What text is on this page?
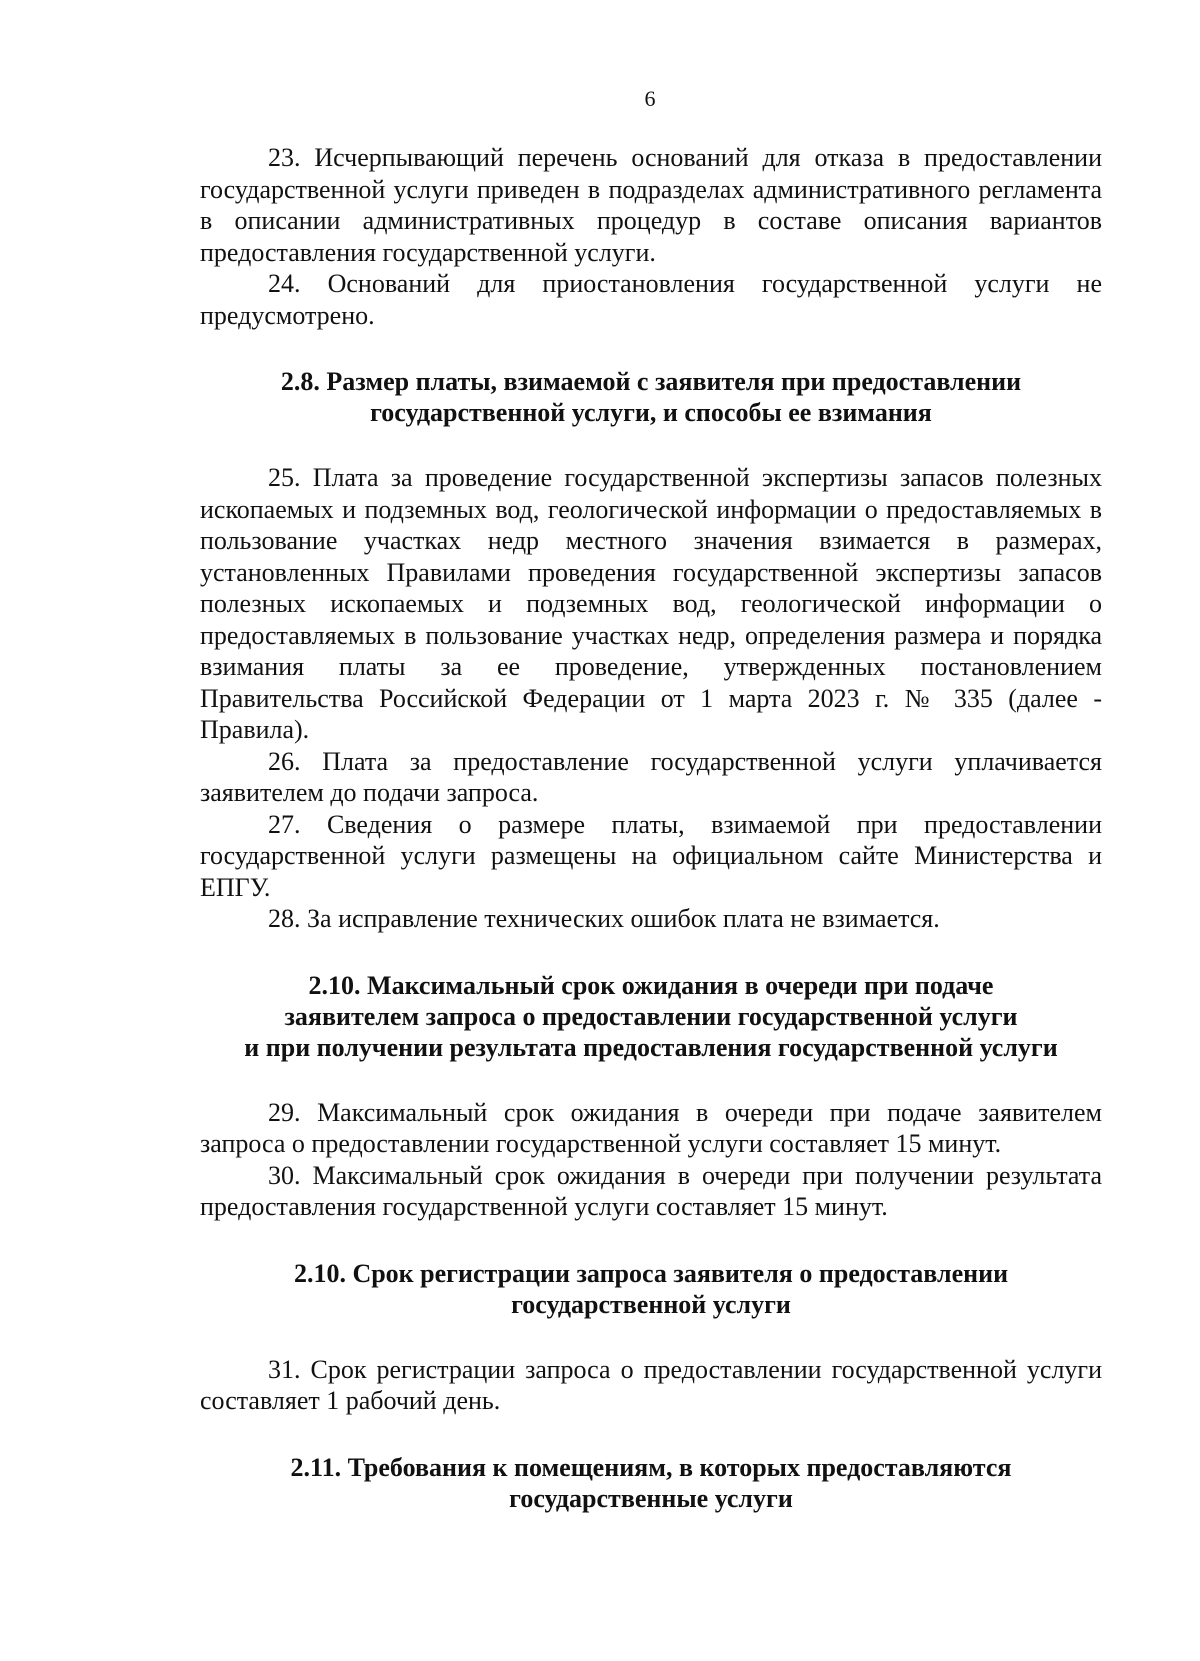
6

23. Исчерпывающий перечень оснований для отказа в предоставлении государственной услуги приведен в подразделах административного регламента в описании административных процедур в составе описания вариантов предоставления государственной услуги.

24. Оснований для приостановления государственной услуги не предусмотрено.

2.8. Размер платы, взимаемой с заявителя при предоставлении
государственной услуги, и способы ее взимания

25. Плата за проведение государственной экспертизы запасов полезных ископаемых и подземных вод, геологической информации о предоставляемых в пользование участках недр местного значения взимается в размерах, установленных Правилами проведения государственной экспертизы запасов полезных ископаемых и подземных вод, геологической информации о предоставляемых в пользование участках недр, определения размера и порядка взимания платы за ее проведение, утвержденных постановлением Правительства Российской Федерации от 1 марта 2023 г. № 335 (далее - Правила).

26. Плата за предоставление государственной услуги уплачивается заявителем до подачи запроса.

27. Сведения о размере платы, взимаемой при предоставлении государственной услуги размещены на официальном сайте Министерства и ЕПГУ.

28. За исправление технических ошибок плата не взимается.

2.10. Максимальный срок ожидания в очереди при подаче
заявителем запроса о предоставлении государственной услуги
и при получении результата предоставления государственной услуги

29. Максимальный срок ожидания в очереди при подаче заявителем запроса о предоставлении государственной услуги составляет 15 минут.

30. Максимальный срок ожидания в очереди при получении результата предоставления государственной услуги составляет 15 минут.

2.10. Срок регистрации запроса заявителя о предоставлении
государственной услуги

31. Срок регистрации запроса о предоставлении государственной услуги составляет 1 рабочий день.

2.11. Требования к помещениям, в которых предоставляются
государственные услуги
